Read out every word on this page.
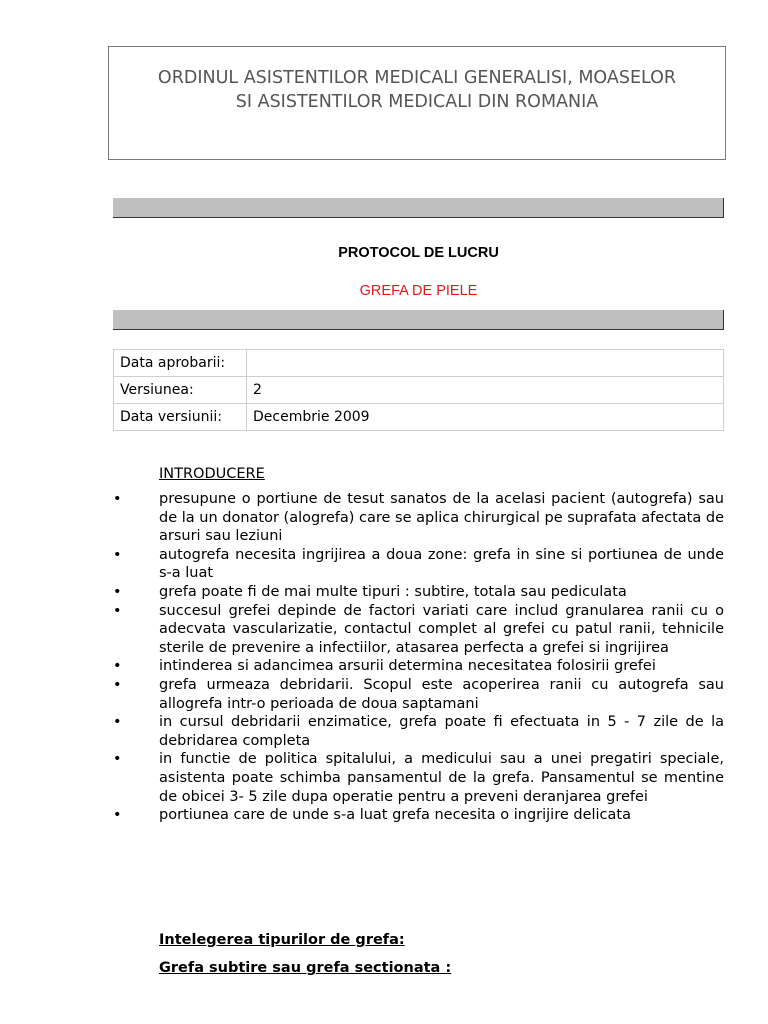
ORDINUL ASISTENTILOR MEDICALI GENERALISI, MOASELOR
SI ASISTENTILOR MEDICALI DIN ROMANIA
PROTOCOL DE LUCRU
GREFA DE PIELE
Data aprobarii:	
Versiunea:	2
Data versiunii:	Decembrie 2009
INTRODUCERE
•	presupune o portiune de tesut sanatos de la acelasi pacient (autogrefa) sau de la un donator (alogrefa) care se aplica chirurgical pe suprafata afectata de arsuri sau leziuni
•	autogrefa necesita ingrijirea a doua zone: grefa in sine si portiunea de unde s-a luat
•	grefa poate fi de mai multe tipuri : subtire, totala sau pediculata
•	succesul grefei depinde de factori variati care includ granularea ranii cu o adecvata vascularizatie, contactul complet al grefei cu patul ranii, tehnicile sterile de prevenire a infectiilor, atasarea perfecta a grefei si ingrijirea
•	intinderea si adancimea arsurii determina necesitatea folosirii grefei
•	grefa urmeaza debridarii. Scopul este acoperirea ranii cu autogrefa sau allogrefa intr-o perioada de doua saptamani
•	in cursul debridarii enzimatice, grefa poate fi efectuata in 5 - 7 zile de la debridarea completa
•	in functie de politica spitalului, a medicului sau a unei pregatiri speciale, asistenta poate schimba pansamentul de la grefa. Pansamentul se mentine de obicei 3- 5 zile dupa operatie pentru a preveni deranjarea grefei
•	portiunea care de unde s-a luat grefa necesita o ingrijire delicata
Intelegerea tipurilor de grefa:
Grefa subtire sau grefa sectionata :
